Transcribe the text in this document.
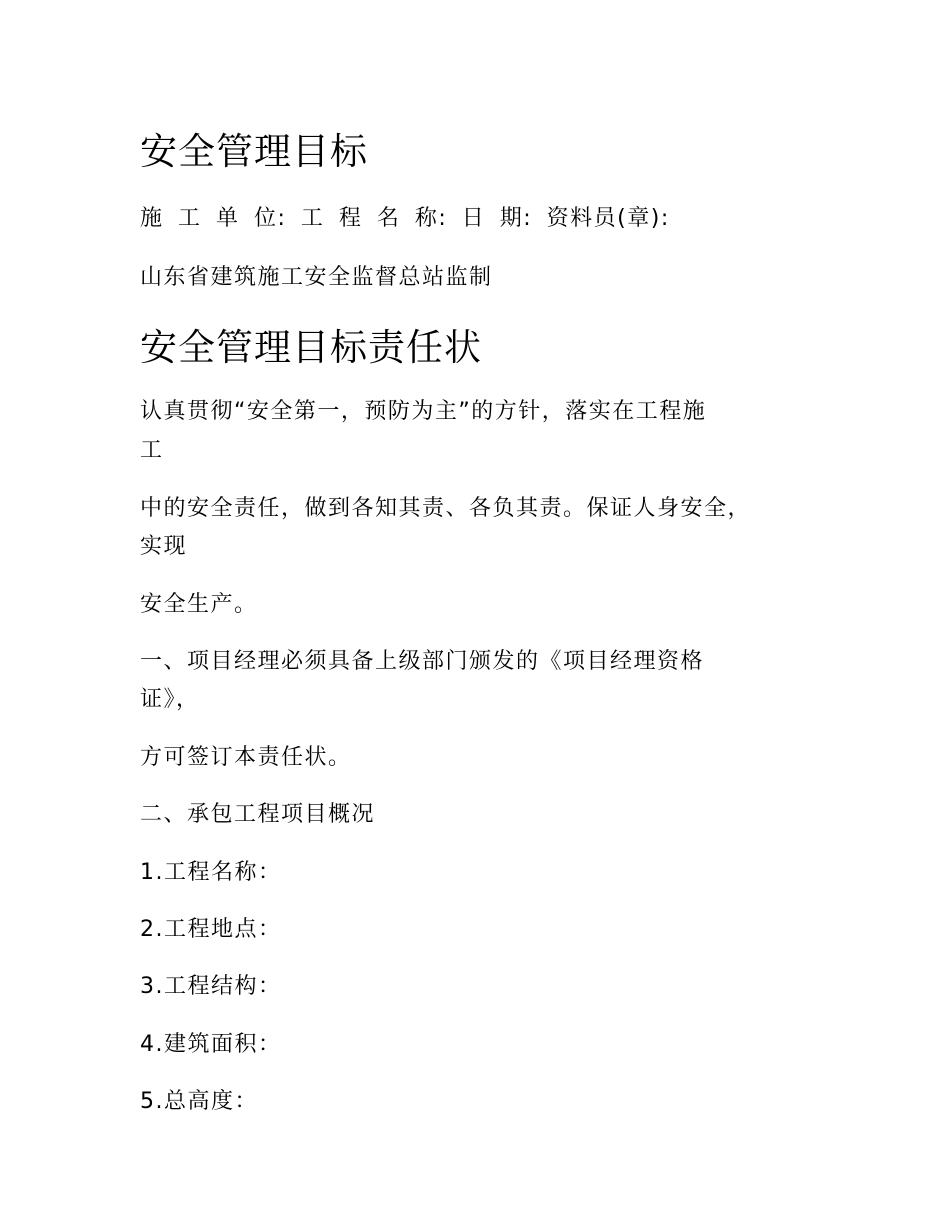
安全管理目标
施 工 单 位: 工 程 名 称: 日 期: 资料员(章):
山东省建筑施工安全监督总站监制
安全管理目标责任状
认真贯彻“安全第一，预防为主”的方针，落实在工程施
工
中的安全责任，做到各知其责、各负其责。保证人身安全，
实现
安全生产。
一、项目经理必须具备上级部门颁发的《项目经理资格
证》，
方可签订本责任状。
二、承包工程项目概况
1.工程名称：
2.工程地点：
3.工程结构：
4.建筑面积：
5.总高度：
